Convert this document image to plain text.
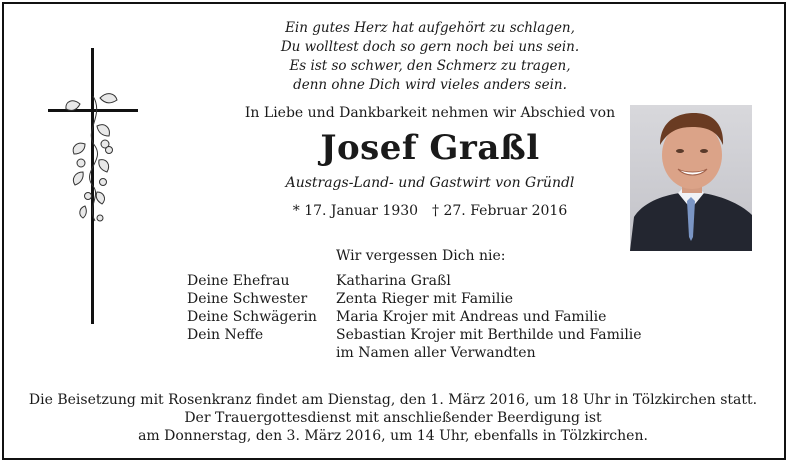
Ein gutes Herz hat aufgehört zu schlagen,
Du wolltest doch so gern noch bei uns sein.
Es ist so schwer, den Schmerz zu tragen,
denn ohne Dich wird vieles anders sein.
In Liebe und Dankbarkeit nehmen wir Abschied von
Josef Graßl
Austrags-Land- und Gastwirt von Gründl
* 17. Januar 1930 † 27. Februar 2016
Wir vergessen Dich nie:
Deine Ehefrau	Katharina Graßl
Deine Schwester	Zenta Rieger mit Familie
Deine Schwägerin	Maria Krojer mit Andreas und Familie
Dein Neffe	Sebastian Krojer mit Berthilde und Familie
im Namen aller Verwandten
Die Beisetzung mit Rosenkranz findet am Dienstag, den 1. März 2016, um 18 Uhr in Tölzkirchen statt.
Der Trauergottesdienst mit anschließender Beerdigung ist
am Donnerstag, den 3. März 2016, um 14 Uhr, ebenfalls in Tölzkirchen.
